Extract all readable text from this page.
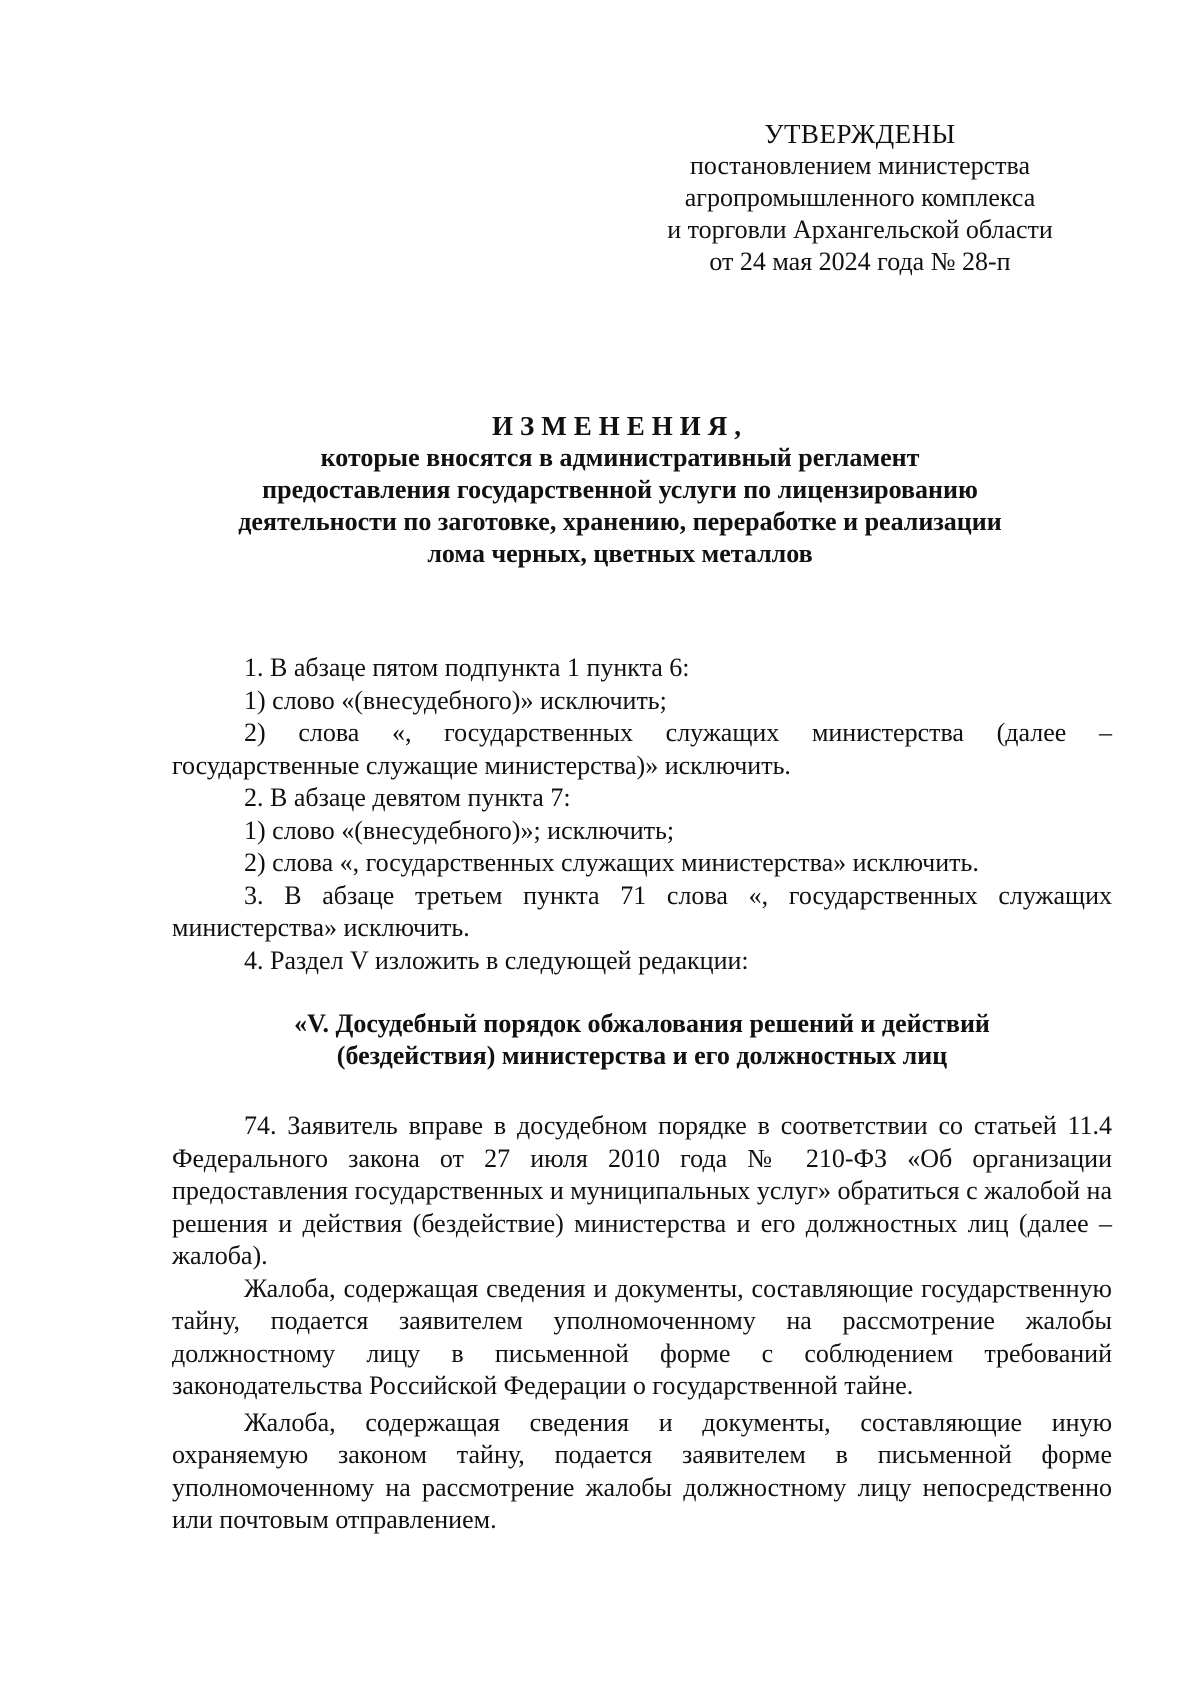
УТВЕРЖДЕНЫ
постановлением министерства
агропромышленного комплекса
и торговли Архангельской области
от 24 мая 2024 года № 28-п
ИЗМЕНЕНИЯ,
которые вносятся в административный регламент
предоставления государственной услуги по лицензированию
деятельности по заготовке, хранению, переработке и реализации
лома черных, цветных металлов

1. В абзаце пятом подпункта 1 пункта 6:

1) слово «(внесудебного)» исключить;

2) слова «, государственных служащих министерства (далее – государственные служащие министерства)» исключить.

2. В абзаце девятом пункта 7:

1) слово «(внесудебного)»; исключить;

2) слова «, государственных служащих министерства» исключить.

3. В абзаце третьем пункта 71 слова «, государственных служащих министерства» исключить.

4. Раздел V изложить в следующей редакции:

«V. Досудебный порядок обжалования решений и действий
(бездействия) министерства и его должностных лиц

74. Заявитель вправе в досудебном порядке в соответствии со статьей 11.4 Федерального закона от 27 июля 2010 года № 210-ФЗ «Об организации предоставления государственных и муниципальных услуг» обратиться с жалобой на решения и действия (бездействие) министерства и его должностных лиц (далее – жалоба).

Жалоба, содержащая сведения и документы, составляющие государственную тайну, подается заявителем уполномоченному на рассмотрение жалобы должностному лицу в письменной форме с соблюдением требований законодательства Российской Федерации о государственной тайне.

Жалоба, содержащая сведения и документы, составляющие иную охраняемую законом тайну, подается заявителем в письменной форме уполномоченному на рассмотрение жалобы должностному лицу непосредственно или почтовым отправлением.
